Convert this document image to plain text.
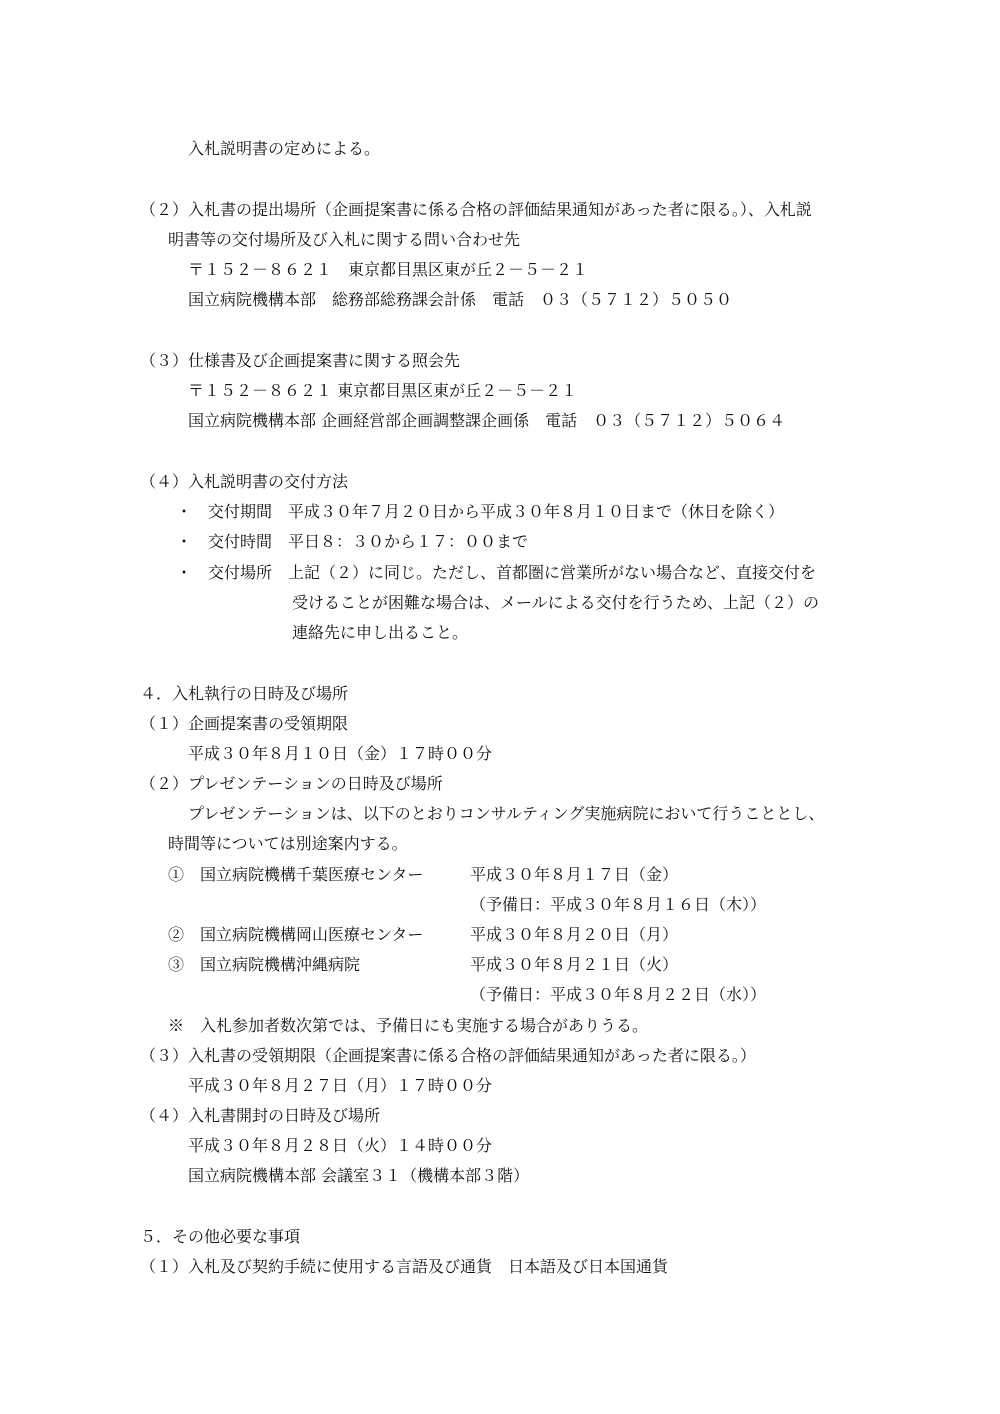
入札説明書の定めによる。
（２）入札書の提出場所（企画提案書に係る合格の評価結果通知があった者に限る。）、入札説
明書等の交付場所及び入札に関する問い合わせ先
〒１５２－８６２１　東京都目黒区東が丘２－５－２１
国立病院機構本部　総務部総務課会計係　電話　０３（５７１２）５０５０
（３）仕様書及び企画提案書に関する照会先
〒１５２－８６２１ 東京都目黒区東が丘２－５－２１
国立病院機構本部 企画経営部企画調整課企画係　電話　０３（５７１２）５０６４
（４）入札説明書の交付方法
・　交付期間　平成３０年７月２０日から平成３０年８月１０日まで（休日を除く）
・　交付時間　平日８：３０から１７：００まで
・　交付場所　上記（２）に同じ。ただし、首都圏に営業所がない場合など、直接交付を
受けることが困難な場合は、メールによる交付を行うため、上記（２）の
連絡先に申し出ること。
４．入札執行の日時及び場所
（１）企画提案書の受領期限
平成３０年８月１０日（金）１７時００分
（２）プレゼンテーションの日時及び場所
プレゼンテーションは、以下のとおりコンサルティング実施病院において行うこととし、
時間等については別途案内する。
①　国立病院機構千葉医療センター	平成３０年８月１７日（金）
（予備日：平成３０年８月１６日（木））
②　国立病院機構岡山医療センター	平成３０年８月２０日（月）
③　国立病院機構沖縄病院	平成３０年８月２１日（火）
（予備日：平成３０年８月２２日（水））
※　入札参加者数次第では、予備日にも実施する場合がありうる。
（３）入札書の受領期限（企画提案書に係る合格の評価結果通知があった者に限る。）
平成３０年８月２７日（月）１７時００分
（４）入札書開封の日時及び場所
平成３０年８月２８日（火）１４時００分
国立病院機構本部 会議室３１（機構本部３階）
５．その他必要な事項
（１）入札及び契約手続に使用する言語及び通貨　日本語及び日本国通貨
